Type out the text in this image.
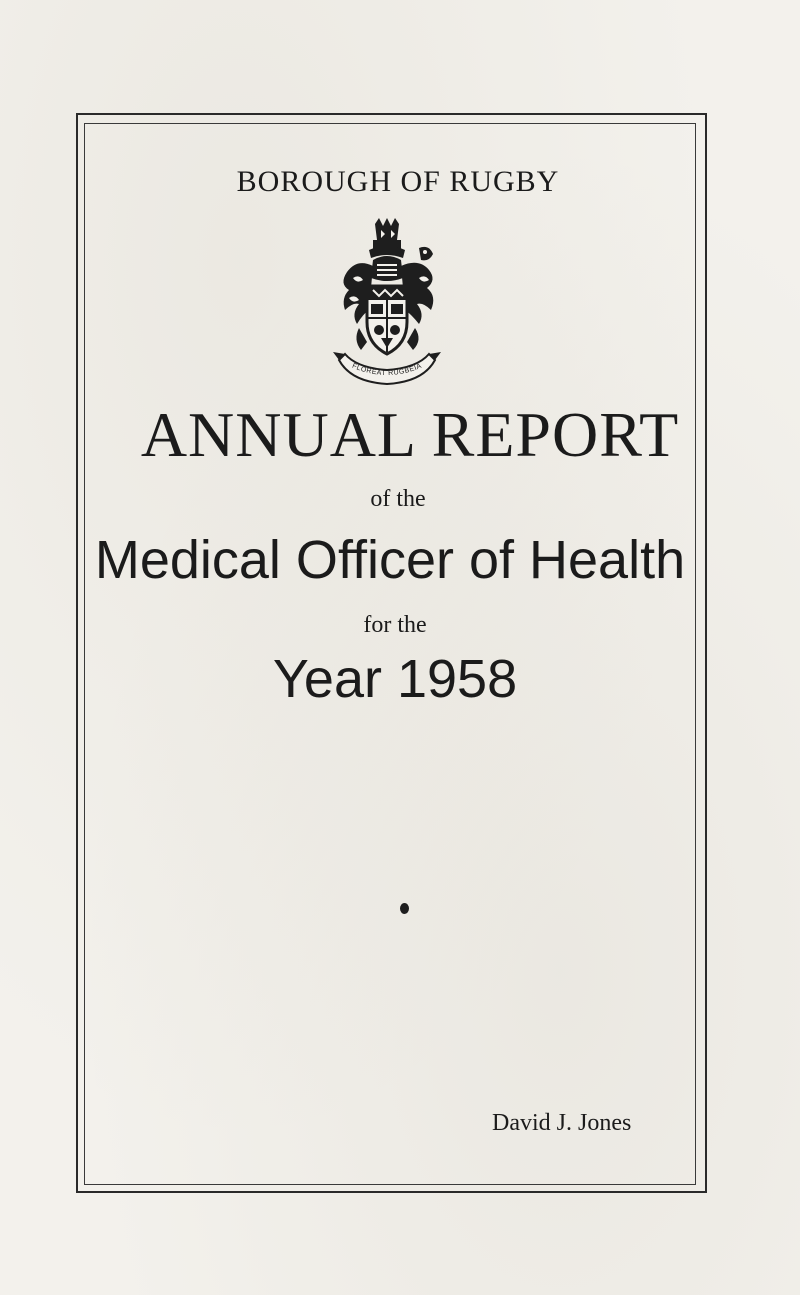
BOROUGH OF RUGBY
FLOREAT RUGBEIA
ANNUAL REPORT
of the
Medical Officer of Health
for the
Year 1958
David J. Jones
